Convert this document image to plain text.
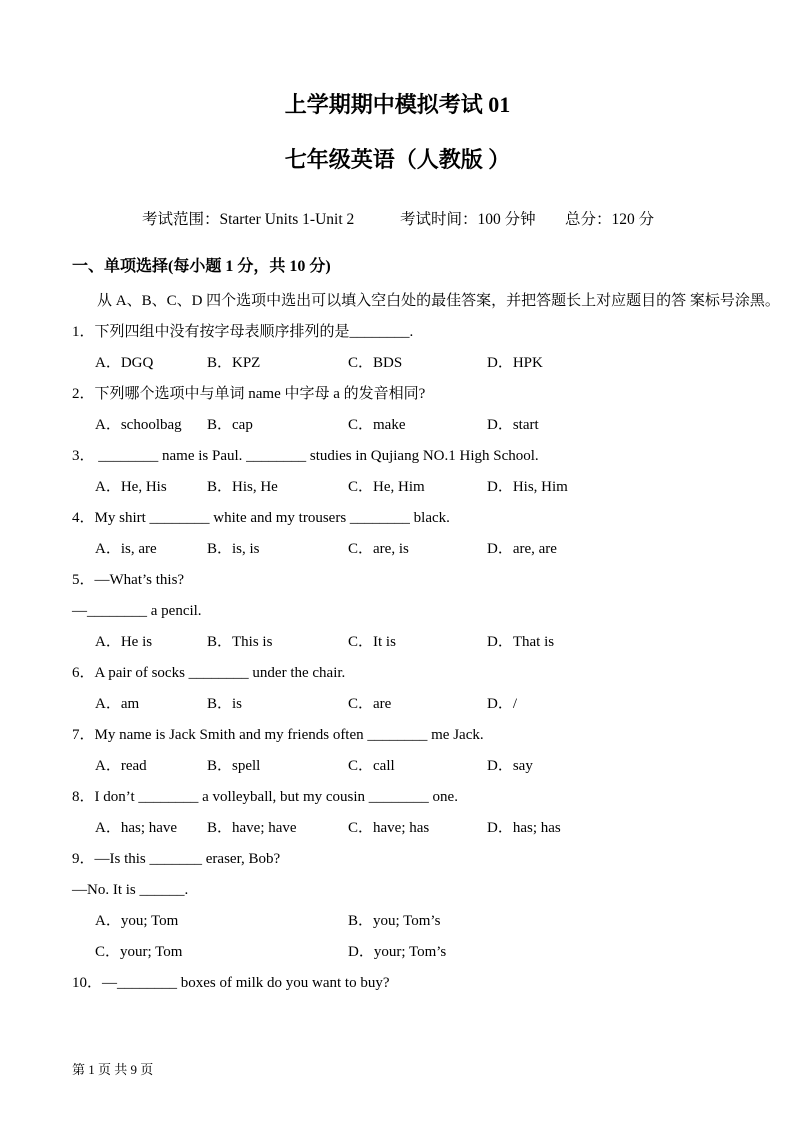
上学期期中模拟考试 01
七年级英语（人教版 ）
考试范围：Starter Units 1-Unit 2	考试时间：100 分钟	总分：120 分
一、单项选择(每小题 1 分，共 10 分)
从 A、B、C、D 四个选项中选出可以填入空白处的最佳答案，并把答题长上对应题目的答 案标号涂黑。
1．下列四组中没有按字母表顺序排列的是________.
A．DGQ	B．KPZ	C．BDS	D．HPK
2．下列哪个选项中与单词 name 中字母 a 的发音相同?
A．schoolbag	B．cap	C．make	D．start
3． ________ name is Paul. ________ studies in Qujiang NO.1 High School.
A．He, His	B．His, He	C．He, Him	D．His, Him
4．My shirt ________ white and my trousers ________ black.
A．is, are	B．is, is	C．are, is	D．are, are
5．—What’s this?
—________ a pencil.
A．He is	B．This is	C．It is	D．That is
6．A pair of socks ________ under the chair.
A．am	B．is	C．are	D．/
7．My name is Jack Smith and my friends often ________ me Jack.
A．read	B．spell	C．call	D．say
8．I don’t ________ a volleyball, but my cousin ________ one.
A．has; have	B．have; have	C．have; has	D．has; has
9．—Is this _______ eraser, Bob?
—No. It is ______.
A．you; Tom	B．you; Tom’s
C．your; Tom	D．your; Tom’s
10．—________ boxes of milk do you want to buy?
第 1 页 共 9 页
